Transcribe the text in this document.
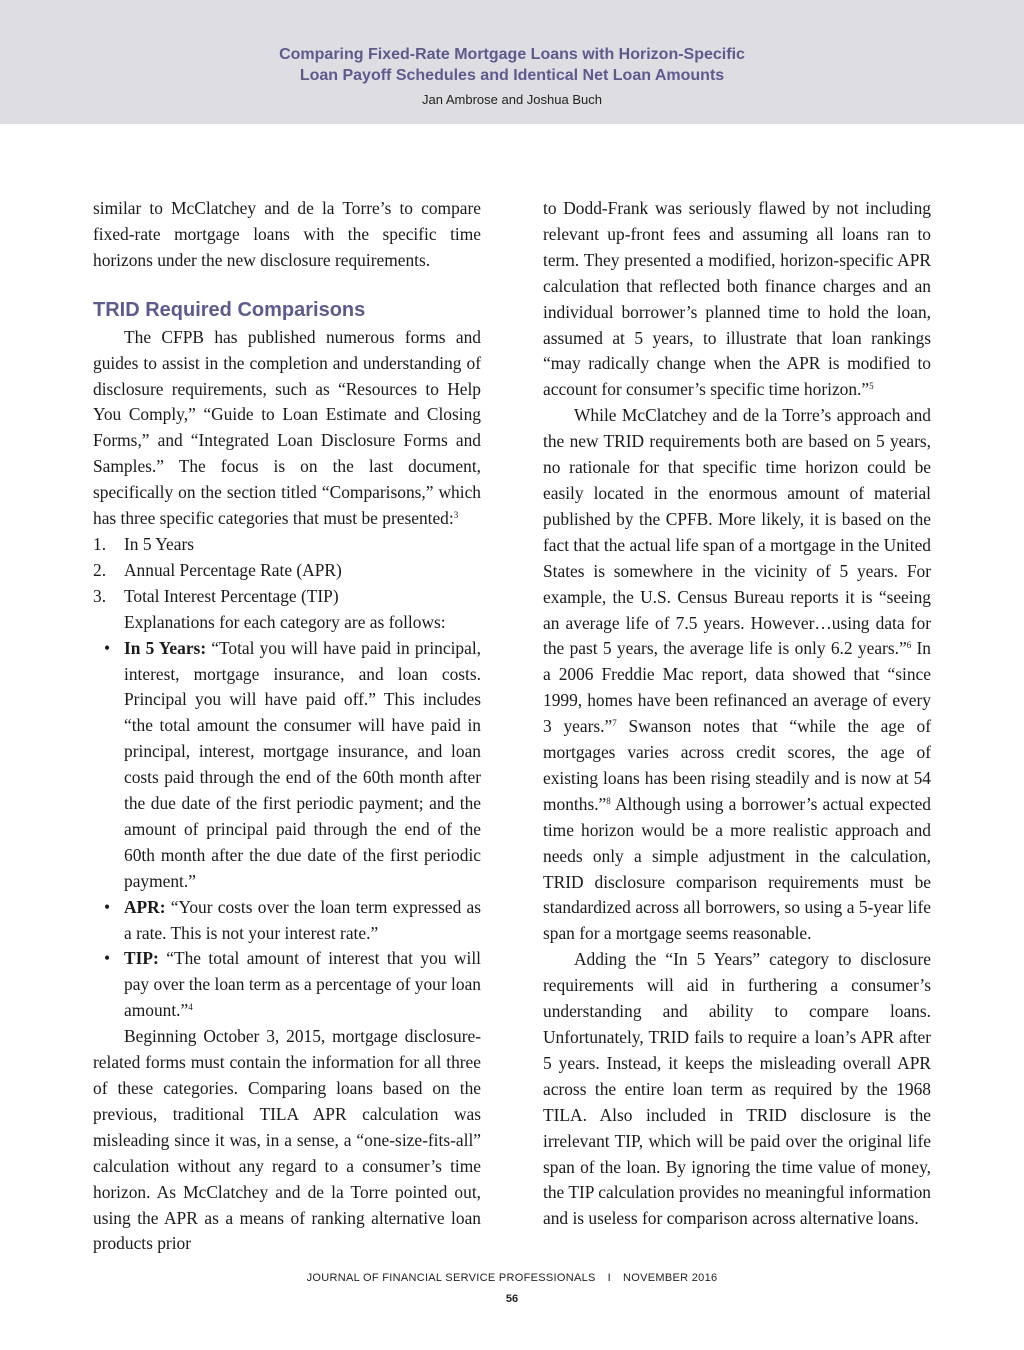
Comparing Fixed-Rate Mortgage Loans with Horizon-Specific
Loan Payoff Schedules and Identical Net Loan Amounts
Jan Ambrose and Joshua Buch

similar to McClatchey and de la Torre’s to compare fixed-rate mortgage loans with the specific time horizons under the new disclosure requirements.

TRID Required Comparisons

The CFPB has published numerous forms and guides to assist in the completion and understanding of disclosure requirements, such as “Resources to Help You Comply,” “Guide to Loan Estimate and Closing Forms,” and “Integrated Loan Disclosure Forms and Samples.” The focus is on the last document, specifically on the section titled “Comparisons,” which has three specific categories that must be presented:$^3$

1. In 5 Years
2. Annual Percentage Rate (APR)
3. Total Interest Percentage (TIP)

Explanations for each category are as follows:

• In 5 Years: “Total you will have paid in principal, interest, mortgage insurance, and loan costs. Principal you will have paid off.” This includes “the total amount the consumer will have paid in principal, interest, mortgage insurance, and loan costs paid through the end of the 60th month after the due date of the first periodic payment; and the amount of principal paid through the end of the 60th month after the due date of the first periodic payment.”
• APR: “Your costs over the loan term expressed as a rate. This is not your interest rate.”
• TIP: “The total amount of interest that you will pay over the loan term as a percentage of your loan amount.”$^4$

Beginning October 3, 2015, mortgage disclosure-related forms must contain the information for all three of these categories. Comparing loans based on the previous, traditional TILA APR calculation was misleading since it was, in a sense, a “one-size-fits-all” calculation without any regard to a consumer’s time horizon. As McClatchey and de la Torre pointed out, using the APR as a means of ranking alternative loan products prior

to Dodd-Frank was seriously flawed by not including relevant up-front fees and assuming all loans ran to term. They presented a modified, horizon-specific APR calculation that reflected both finance charges and an individual borrower’s planned time to hold the loan, assumed at 5 years, to illustrate that loan rankings “may radically change when the APR is modified to account for consumer’s specific time horizon.”$^5$

While McClatchey and de la Torre’s approach and the new TRID requirements both are based on 5 years, no rationale for that specific time horizon could be easily located in the enormous amount of material published by the CPFB. More likely, it is based on the fact that the actual life span of a mortgage in the United States is somewhere in the vicinity of 5 years. For example, the U.S. Census Bureau reports it is “seeing an average life of 7.5 years. However…using data for the past 5 years, the average life is only 6.2 years.”$^6$ In a 2006 Freddie Mac report, data showed that “since 1999, homes have been refinanced an average of every 3 years.”$^7$ Swanson notes that “while the age of mortgages varies across credit scores, the age of existing loans has been rising steadily and is now at 54 months.”$^8$ Although using a borrower’s actual expected time horizon would be a more realistic approach and needs only a simple adjustment in the calculation, TRID disclosure comparison requirements must be standardized across all borrowers, so using a 5-year life span for a mortgage seems reasonable.

Adding the “In 5 Years” category to disclosure requirements will aid in furthering a consumer’s understanding and ability to compare loans. Unfortunately, TRID fails to require a loan’s APR after 5 years. Instead, it keeps the misleading overall APR across the entire loan term as required by the 1968 TILA. Also included in TRID disclosure is the irrelevant TIP, which will be paid over the original life span of the loan. By ignoring the time value of money, the TIP calculation provides no meaningful information and is useless for comparison across alternative loans.

JOURNAL OF FINANCIAL SERVICE PROFESSIONALS I NOVEMBER 2016
56
